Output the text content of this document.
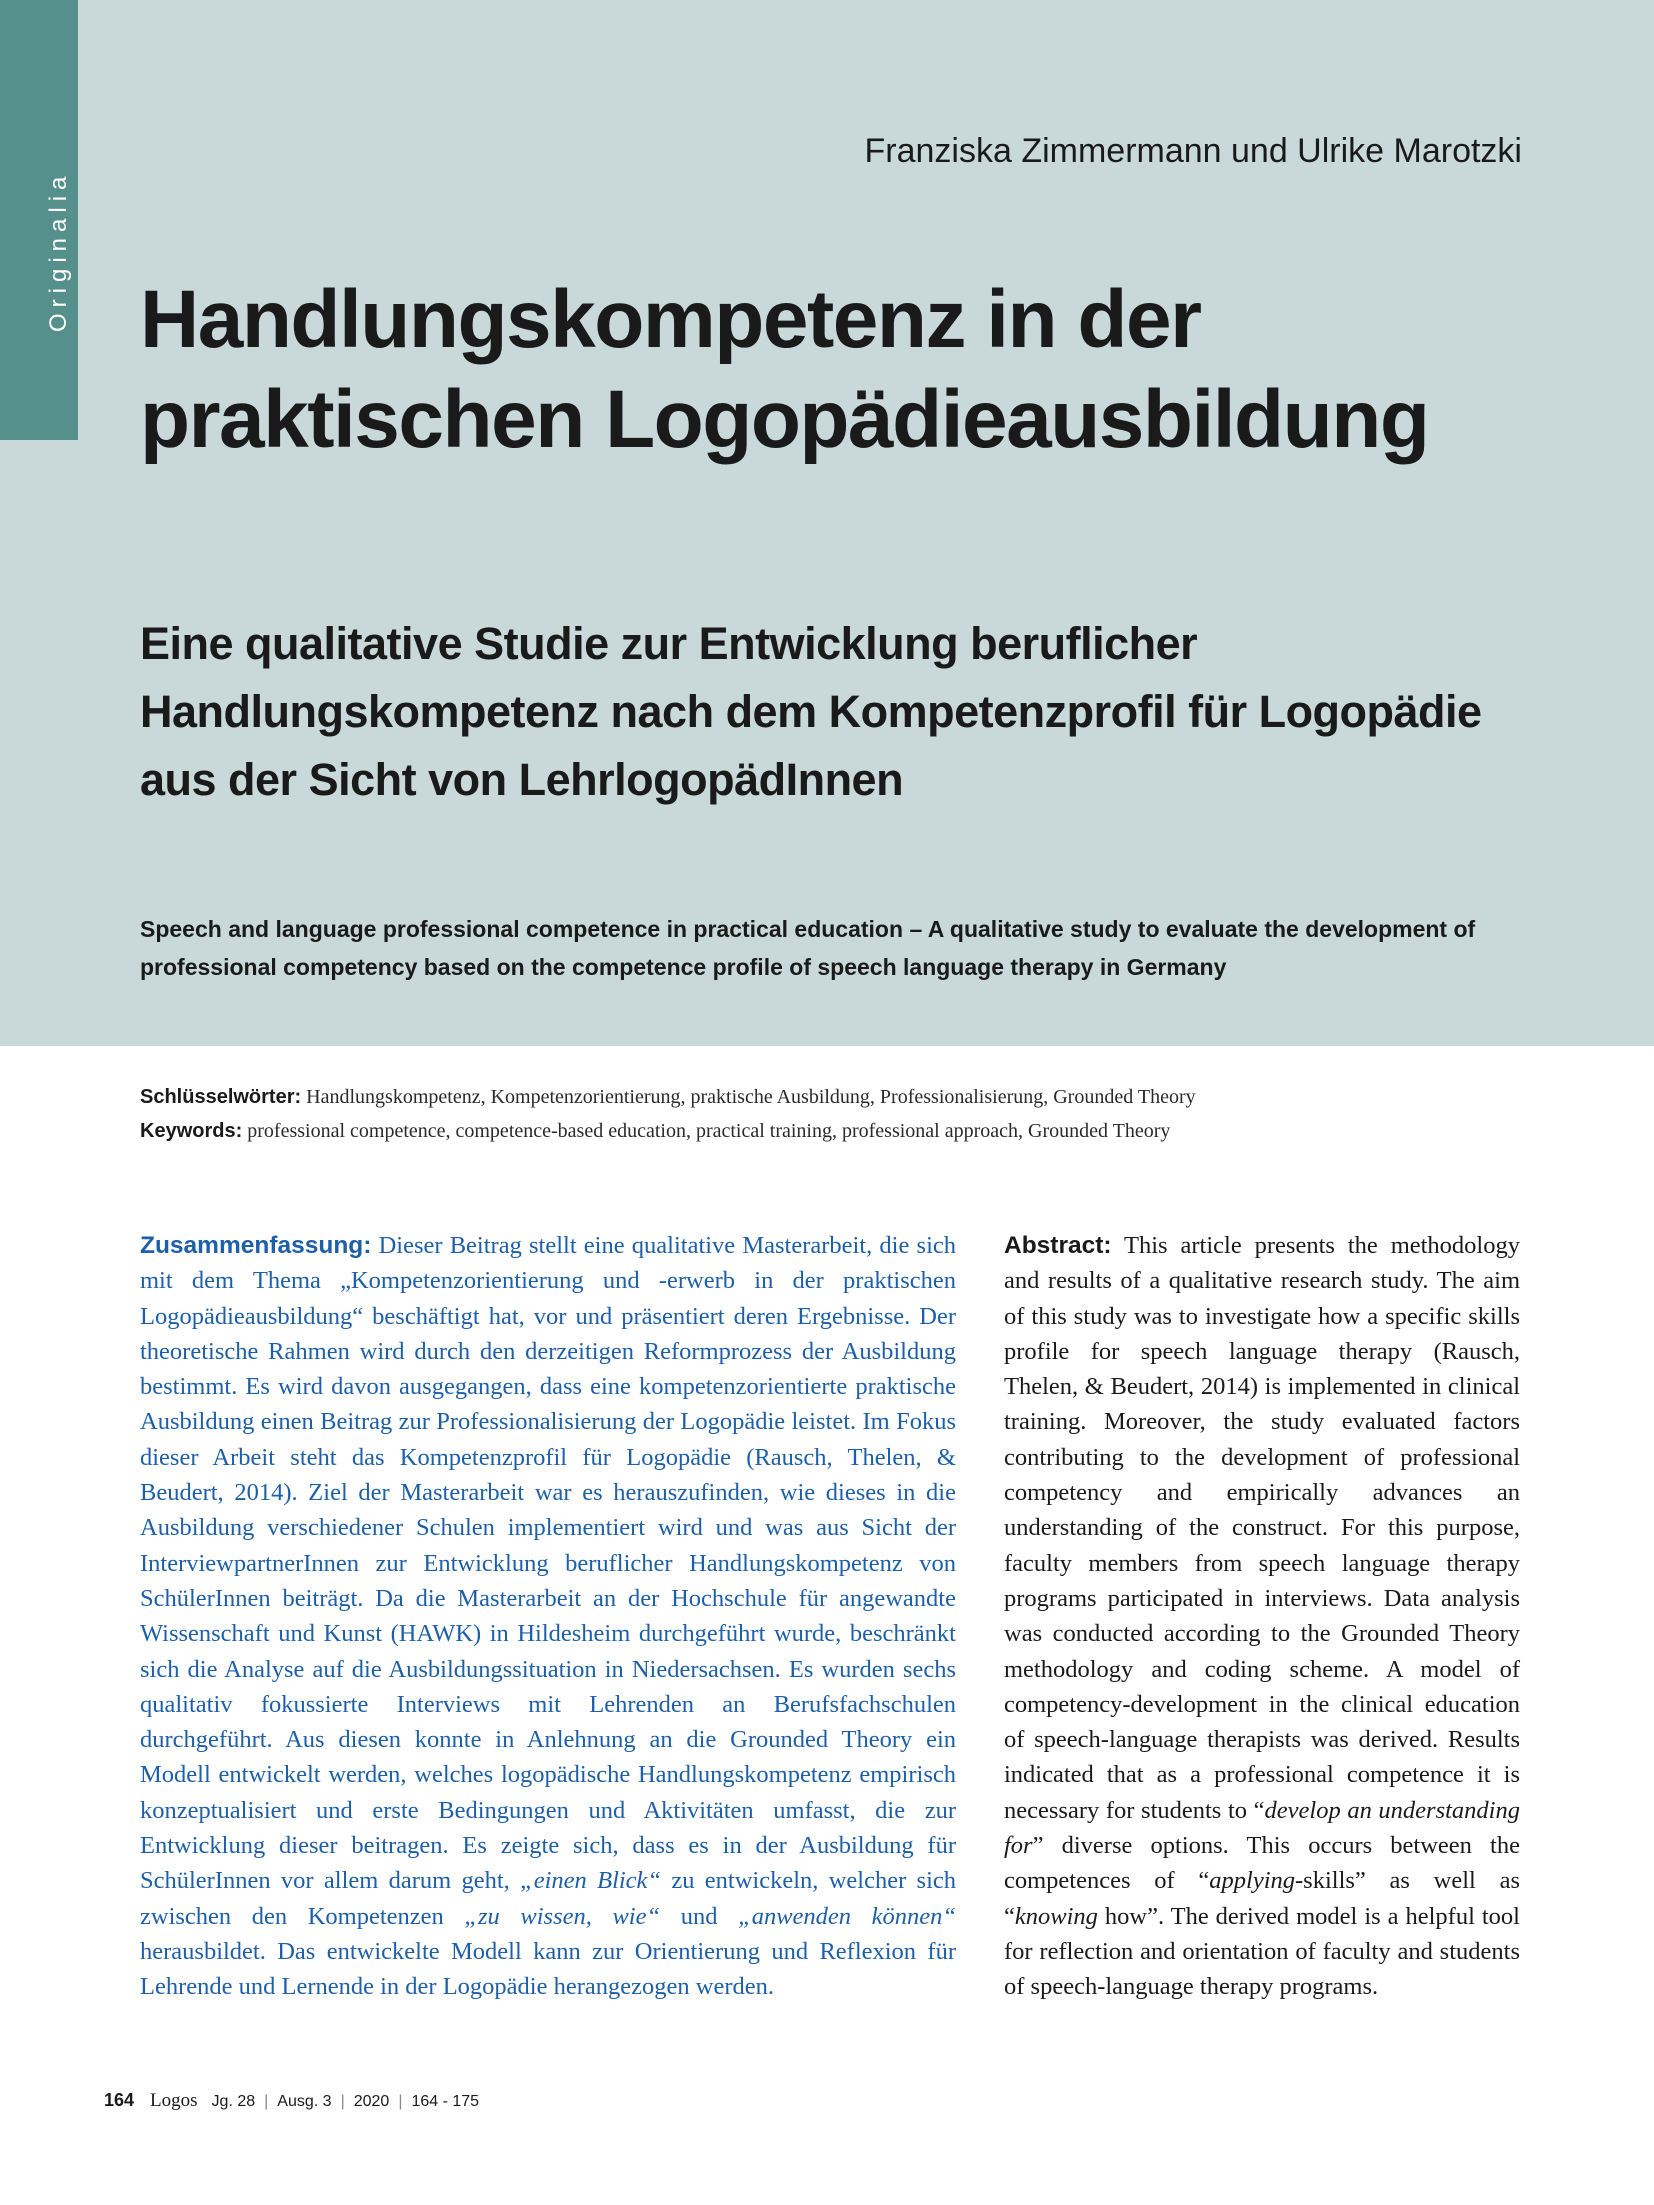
Originalia
Franziska Zimmermann und Ulrike Marotzki
Handlungskompetenz in der praktischen Logopädieausbildung
Eine qualitative Studie zur Entwicklung beruflicher Handlungskompetenz nach dem Kompetenzprofil für Logopädie aus der Sicht von LehrlogopädInnen
Speech and language professional competence in practical education – A qualitative study to evaluate the development of professional competency based on the competence profile of speech language therapy in Germany
Schlüsselwörter: Handlungskompetenz, Kompetenzorientierung, praktische Ausbildung, Professionalisierung, Grounded Theory
Keywords: professional competence, competence-based education, practical training, professional approach, Grounded Theory

Zusammenfassung: Dieser Beitrag stellt eine qualitative Masterarbeit, die sich mit dem Thema „Kompetenzorientierung und -erwerb in der praktischen Logopädieausbildung“ beschäftigt hat, vor und präsentiert deren Ergebnisse. Der theoretische Rahmen wird durch den derzeitigen Reformprozess der Ausbildung bestimmt. Es wird davon ausgegangen, dass eine kompetenzorientierte praktische Ausbildung einen Beitrag zur Professionalisierung der Logopädie leistet. Im Fokus dieser Arbeit steht das Kompetenzprofil für Logopädie (Rausch, Thelen, & Beudert, 2014). Ziel der Masterarbeit war es herauszufinden, wie dieses in die Ausbildung verschiedener Schulen implementiert wird und was aus Sicht der InterviewpartnerInnen zur Entwicklung beruflicher Handlungskompetenz von SchülerInnen beiträgt. Da die Masterarbeit an der Hochschule für angewandte Wissenschaft und Kunst (HAWK) in Hildesheim durchgeführt wurde, beschränkt sich die Analyse auf die Ausbildungssituation in Niedersachsen. Es wurden sechs qualitativ fokussierte Interviews mit Lehrenden an Berufsfachschulen durchgeführt. Aus diesen konnte in Anlehnung an die Grounded Theory ein Modell entwickelt werden, welches logopädische Handlungskompetenz empirisch konzeptualisiert und erste Bedingungen und Aktivitäten umfasst, die zur Entwicklung dieser beitragen. Es zeigte sich, dass es in der Ausbildung für SchülerInnen vor allem darum geht, „einen Blick“ zu entwickeln, welcher sich zwischen den Kompetenzen „zu wissen, wie“ und „anwenden können“ herausbildet. Das entwickelte Modell kann zur Orientierung und Reflexion für Lehrende und Lernende in der Logopädie herangezogen werden.

Abstract: This article presents the methodology and results of a qualitative research study. The aim of this study was to investigate how a specific skills profile for speech language therapy (Rausch, Thelen, & Beudert, 2014) is implemented in clinical training. Moreover, the study evaluated factors contributing to the development of professional competency and empirically advances an understanding of the construct. For this purpose, faculty members from speech language therapy programs participated in interviews. Data analysis was conducted according to the Grounded Theory methodology and coding scheme. A model of competency-development in the clinical education of speech-language therapists was derived. Results indicated that as a professional competence it is necessary for students to “develop an understanding for” diverse options. This occurs between the competences of “applying-skills” as well as “knowing how”. The derived model is a helpful tool for reflection and orientation of faculty and students of speech-language therapy programs.

164 Logos Jg. 28 | Ausg. 3 | 2020 | 164 - 175
